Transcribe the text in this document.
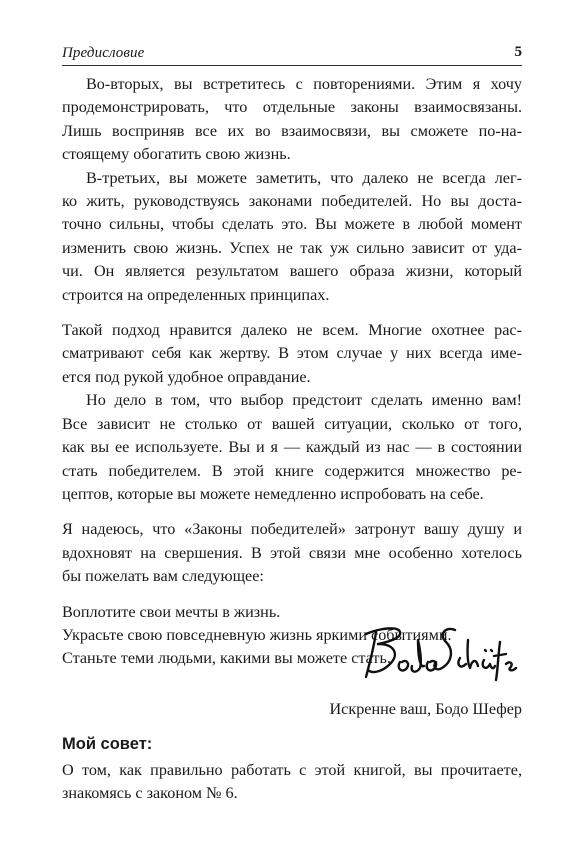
Предисловие	5

Во-вторых, вы встретитесь с повторениями. Этим я хочу
продемонстрировать, что отдельные законы взаимосвязаны.
Лишь восприняв все их во взаимосвязи, вы сможете по-на-
стоящему обогатить свою жизнь.

В-третьих, вы можете заметить, что далеко не всегда лег-
ко жить, руководствуясь законами победителей. Но вы доста-
точно сильны, чтобы сделать это. Вы можете в любой момент
изменить свою жизнь. Успех не так уж сильно зависит от уда-
чи. Он является результатом вашего образа жизни, который
строится на определенных принципах.

Такой подход нравится далеко не всем. Многие охотнее рас-
сматривают себя как жертву. В этом случае у них всегда име-
ется под рукой удобное оправдание.

Но дело в том, что выбор предстоит сделать именно вам!
Все зависит не столько от вашей ситуации, сколько от того,
как вы ее используете. Вы и я — каждый из нас — в состоянии
стать победителем. В этой книге содержится множество ре-
цептов, которые вы можете немедленно испробовать на себе.

Я надеюсь, что «Законы победителей» затронут вашу душу и
вдохновят на свершения. В этой связи мне особенно хотелось
бы пожелать вам следующее:

Воплотите свои мечты в жизнь.
Украсьте свою повседневную жизнь яркими событиями.
Станьте теми людьми, какими вы можете стать.

Искренне ваш, Бодо Шефер
Мой совет:
О том, как правильно работать с этой книгой, вы прочитаете,
знакомясь с законом № 6.
